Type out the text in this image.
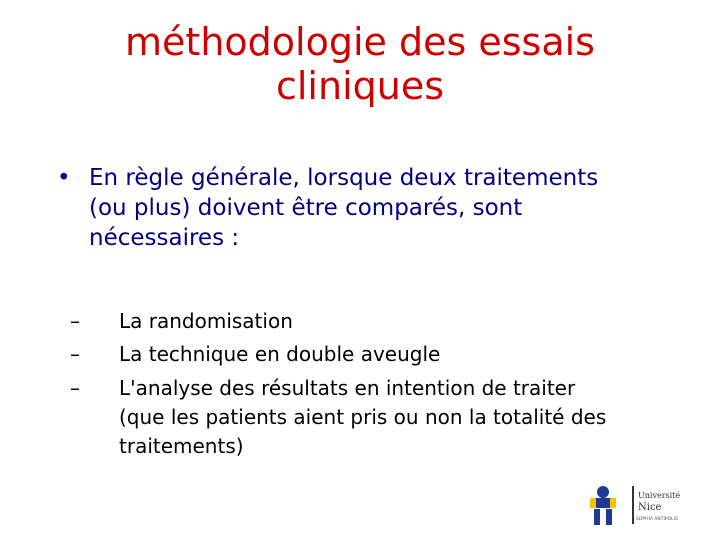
méthodologie des essais
cliniques
• En règle générale, lorsque deux traitements
(ou plus) doivent être comparés, sont
nécessaires :
– La randomisation
– La technique en double aveugle
– L'analyse des résultats en intention de traiter
(que les patients aient pris ou non la totalité des
traitements)
Université
Nice
SOPHIA ANTIPOLIS
